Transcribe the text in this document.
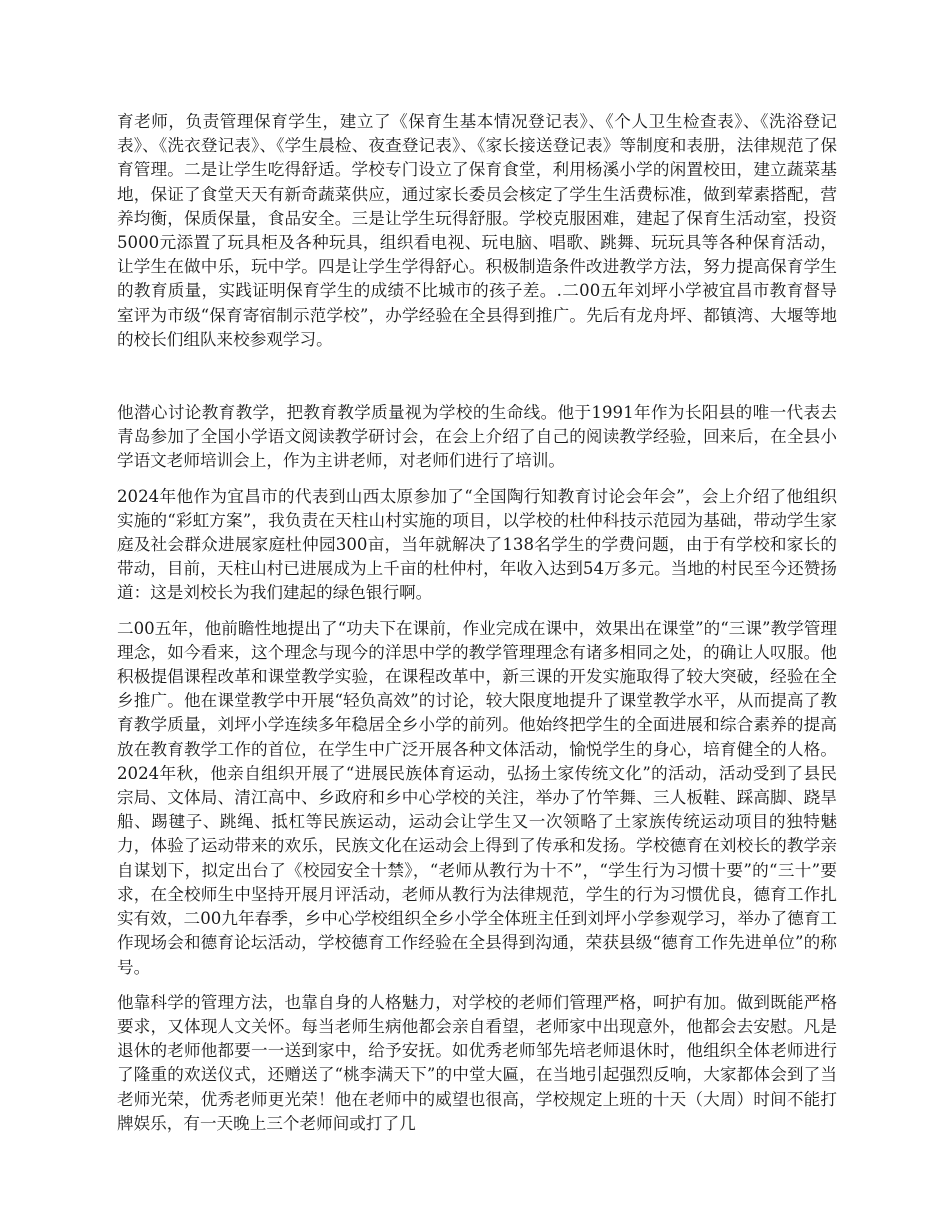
育老师，负责管理保育学生，建立了《保育生基本情况登记表》、《个人卫生检查表》、《洗浴登记表》、《洗衣登记表》、《学生晨检、夜查登记表》、《家长接送登记表》等制度和表册，法律规范了保育管理。二是让学生吃得舒适。学校专门设立了保育食堂，利用杨溪小学的闲置校田，建立蔬菜基地，保证了食堂天天有新奇蔬菜供应，通过家长委员会核定了学生生活费标准，做到荤素搭配，营养均衡，保质保量，食品安全。三是让学生玩得舒服。学校克服困难，建起了保育生活动室，投资5000元添置了玩具柜及各种玩具，组织看电视、玩电脑、唱歌、跳舞、玩玩具等各种保育活动，让学生在做中乐，玩中学。四是让学生学得舒心。积极制造条件改进教学方法，努力提高保育学生的教育质量，实践证明保育学生的成绩不比城市的孩子差。.二00五年刘坪小学被宜昌市教育督导室评为市级“保育寄宿制示范学校”，办学经验在全县得到推广。先后有龙舟坪、都镇湾、大堰等地的校长们组队来校参观学习。

他潜心讨论教育教学，把教育教学质量视为学校的生命线。他于1991年作为长阳县的唯一代表去青岛参加了全国小学语文阅读教学研讨会，在会上介绍了自己的阅读教学经验，回来后，在全县小学语文老师培训会上，作为主讲老师，对老师们进行了培训。

2024年他作为宜昌市的代表到山西太原参加了“全国陶行知教育讨论会年会”，会上介绍了他组织实施的“彩虹方案”，我负责在天柱山村实施的项目，以学校的杜仲科技示范园为基础，带动学生家庭及社会群众进展家庭杜仲园300亩，当年就解决了138名学生的学费问题，由于有学校和家长的带动，目前，天柱山村已进展成为上千亩的杜仲村，年收入达到54万多元。当地的村民至今还赞扬道：这是刘校长为我们建起的绿色银行啊。

二00五年，他前瞻性地提出了“功夫下在课前，作业完成在课中，效果出在课堂”的“三课”教学管理理念，如今看来，这个理念与现今的洋思中学的教学管理理念有诸多相同之处，的确让人叹服。他积极提倡课程改革和课堂教学实验，在课程改革中，新三课的开发实施取得了较大突破，经验在全乡推广。他在课堂教学中开展“轻负高效”的讨论，较大限度地提升了课堂教学水平，从而提高了教育教学质量，刘坪小学连续多年稳居全乡小学的前列。他始终把学生的全面进展和综合素养的提高放在教育教学工作的首位，在学生中广泛开展各种文体活动，愉悦学生的身心，培育健全的人格。2024年秋，他亲自组织开展了“进展民族体育运动，弘扬土家传统文化”的活动，活动受到了县民宗局、文体局、清江高中、乡政府和乡中心学校的关注，举办了竹竿舞、三人板鞋、踩高脚、跷旱船、踢毽子、跳绳、抵杠等民族运动，运动会让学生又一次领略了土家族传统运动项目的独特魅力，体验了运动带来的欢乐，民族文化在运动会上得到了传承和发扬。学校德育在刘校长的教学亲自谋划下，拟定出台了《校园安全十禁》，“老师从教行为十不”，“学生行为习惯十要”的“三十”要求，在全校师生中坚持开展月评活动，老师从教行为法律规范，学生的行为习惯优良，德育工作扎实有效，二00九年春季，乡中心学校组织全乡小学全体班主任到刘坪小学参观学习，举办了德育工作现场会和德育论坛活动，学校德育工作经验在全县得到沟通，荣获县级“德育工作先进单位”的称号。

他靠科学的管理方法，也靠自身的人格魅力，对学校的老师们管理严格，呵护有加。做到既能严格要求，又体现人文关怀。每当老师生病他都会亲自看望，老师家中出现意外，他都会去安慰。凡是退休的老师他都要一一送到家中，给予安抚。如优秀老师邹先培老师退休时，他组织全体老师进行了隆重的欢送仪式，还赠送了“桃李满天下”的中堂大匾，在当地引起强烈反响，大家都体会到了当老师光荣，优秀老师更光荣！他在老师中的威望也很高，学校规定上班的十天（大周）时间不能打牌娱乐，有一天晚上三个老师间或打了几
